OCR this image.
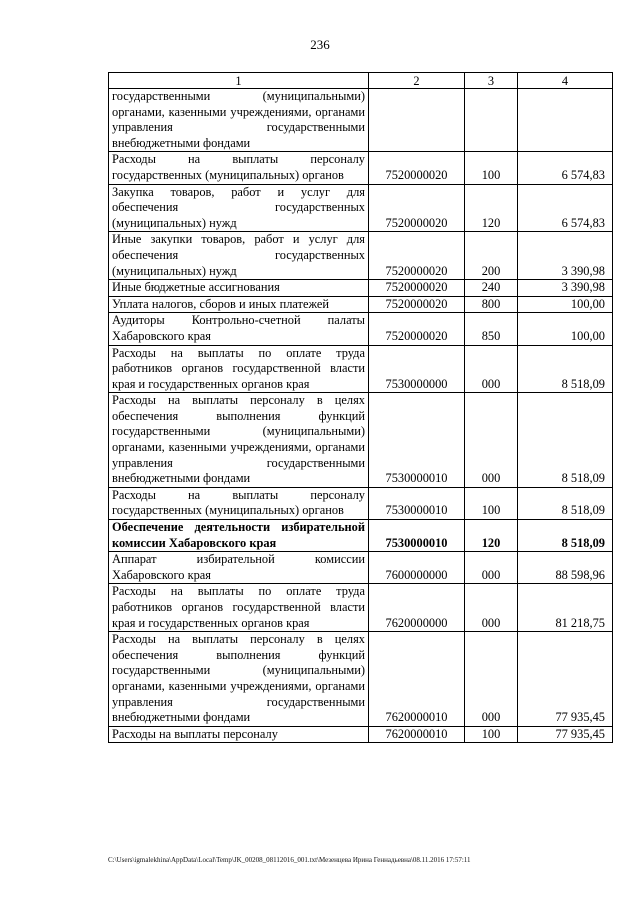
236
1	2	3	4
государственными (муниципальными) органами, казенными учреждениями, органами управления государственными внебюджетными фондами			
Расходы на выплаты персоналу государственных (муниципальных) органов	7520000020	100	6 574,83
Закупка товаров, работ и услуг для обеспечения государственных (муниципальных) нужд	7520000020	120	6 574,83
Иные закупки товаров, работ и услуг для обеспечения государственных (муниципальных) нужд	7520000020	200	3 390,98
Иные бюджетные ассигнования	7520000020	240	3 390,98
Уплата налогов, сборов и иных платежей	7520000020	800	100,00
Аудиторы Контрольно-счетной палаты Хабаровского края	7520000020	850	100,00
Расходы на выплаты по оплате труда работников органов государственной власти края и государственных органов края	7530000000	000	8 518,09
Расходы на выплаты персоналу в целях обеспечения выполнения функций государственными (муниципальными) органами, казенными учреждениями, органами управления государственными внебюджетными фондами	7530000010	000	8 518,09
Расходы на выплаты персоналу государственных (муниципальных) органов	7530000010	100	8 518,09
Обеспечение деятельности избирательной комиссии Хабаровского края	7530000010	120	8 518,09
Аппарат избирательной комиссии Хабаровского края	7600000000	000	88 598,96
Расходы на выплаты по оплате труда работников органов государственной власти края и государственных органов края	7620000000	000	81 218,75
Расходы на выплаты персоналу в целях обеспечения выполнения функций государственными (муниципальными) органами, казенными учреждениями, органами управления государственными внебюджетными фондами	7620000010	000	77 935,45
Расходы на выплаты персоналу	7620000010	100	77 935,45
C:\Users\igmalekhina\AppData\Local\Temp\JK_00208_08112016_001.txt\Мезенцева Ирина Геннадьевна\08.11.2016 17:57:11
